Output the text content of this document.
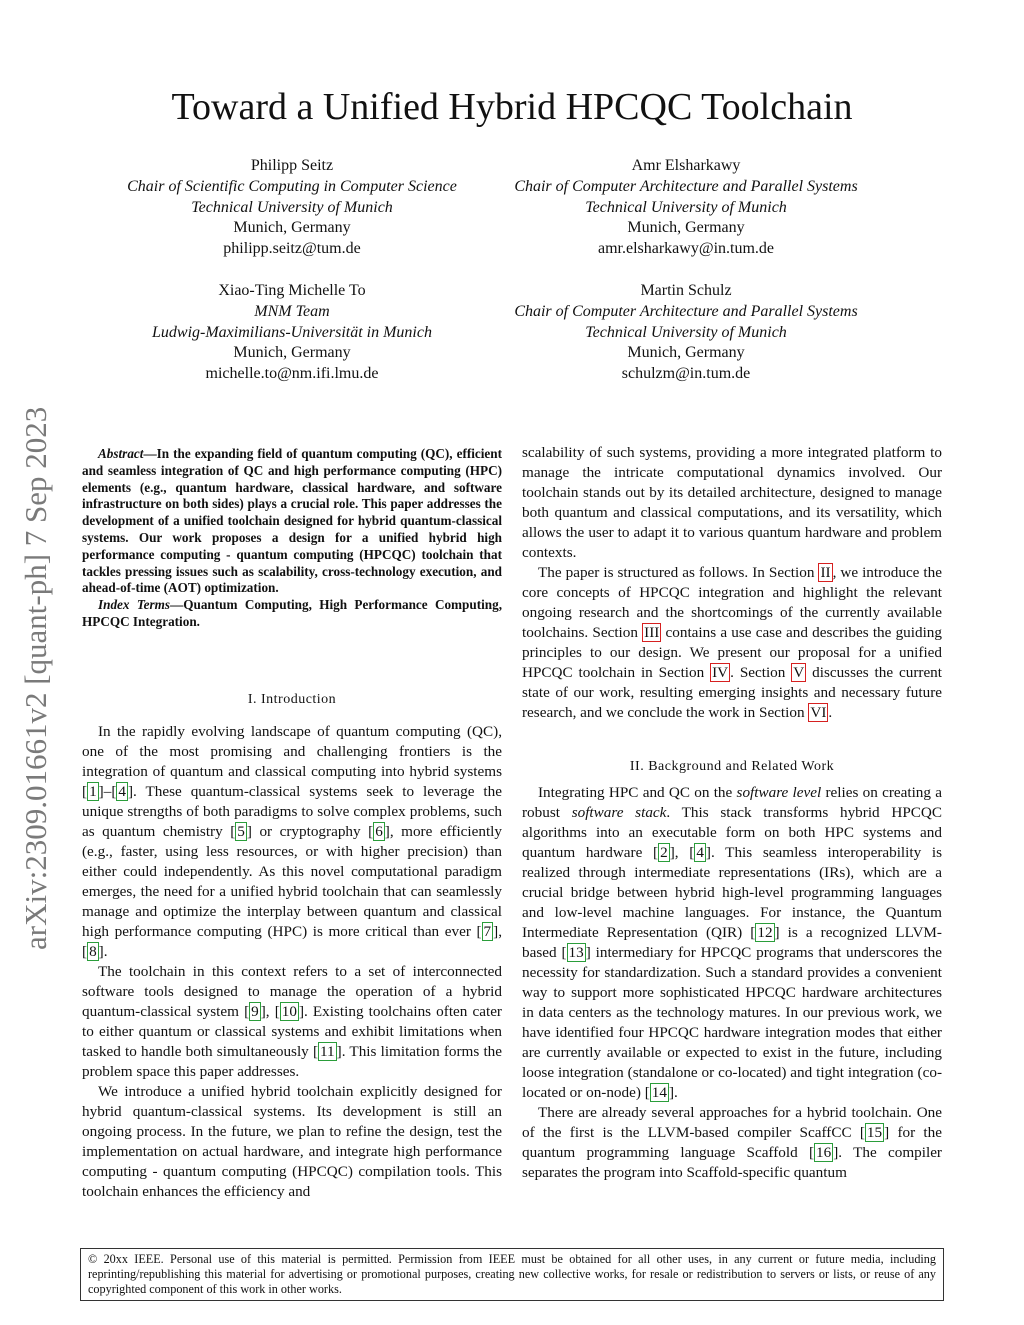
Toward a Unified Hybrid HPCQC Toolchain
arXiv:2309.01661v2 [quant-ph] 7 Sep 2023
Philipp Seitz
Chair of Scientific Computing in Computer Science
Technical University of Munich
Munich, Germany
philipp.seitz@tum.de
Amr Elsharkawy
Chair of Computer Architecture and Parallel Systems
Technical University of Munich
Munich, Germany
amr.elsharkawy@in.tum.de
Xiao-Ting Michelle To
MNM Team
Ludwig-Maximilians-Universität in Munich
Munich, Germany
michelle.to@nm.ifi.lmu.de
Martin Schulz
Chair of Computer Architecture and Parallel Systems
Technical University of Munich
Munich, Germany
schulzm@in.tum.de

Abstract—In the expanding field of quantum computing (QC), efficient and seamless integration of QC and high performance computing (HPC) elements (e.g., quantum hardware, classical hardware, and software infrastructure on both sides) plays a crucial role. This paper addresses the development of a unified toolchain designed for hybrid quantum-classical systems. Our work proposes a design for a unified hybrid high performance computing - quantum computing (HPCQC) toolchain that tackles pressing issues such as scalability, cross-technology execution, and ahead-of-time (AOT) optimization.

Index Terms—Quantum Computing, High Performance Computing, HPCQC Integration.

I. Introduction

In the rapidly evolving landscape of quantum computing (QC), one of the most promising and challenging frontiers is the integration of quantum and classical computing into hybrid systems [ 1 ]–[ 4 ]. These quantum-classical systems seek to leverage the unique strengths of both paradigms to solve complex problems, such as quantum chemistry [ 5 ] or cryptography [ 6 ], more efficiently (e.g., faster, using less resources, or with higher precision) than either could independently. As this novel computational paradigm emerges, the need for a unified hybrid toolchain that can seamlessly manage and optimize the interplay between quantum and classical high performance computing (HPC) is more critical than ever [ 7 ], [ 8 ].

The toolchain in this context refers to a set of interconnected software tools designed to manage the operation of a hybrid quantum-classical system [ 9 ], [ 10 ]. Existing toolchains often cater to either quantum or classical systems and exhibit limitations when tasked to handle both simultaneously [ 11 ]. This limitation forms the problem space this paper addresses.

We introduce a unified hybrid toolchain explicitly designed for hybrid quantum-classical systems. Its development is still an ongoing process. In the future, we plan to refine the design, test the implementation on actual hardware, and integrate high performance computing - quantum computing (HPCQC) compilation tools. This toolchain enhances the efficiency and

scalability of such systems, providing a more integrated platform to manage the intricate computational dynamics involved. Our toolchain stands out by its detailed architecture, designed to manage both quantum and classical computations, and its versatility, which allows the user to adapt it to various quantum hardware and problem contexts.

The paper is structured as follows. In Section II , we introduce the core concepts of HPCQC integration and highlight the relevant ongoing research and the shortcomings of the currently available toolchains. Section III contains a use case and describes the guiding principles to our design. We present our proposal for a unified HPCQC toolchain in Section IV . Section V discusses the current state of our work, resulting emerging insights and necessary future research, and we conclude the work in Section VI .

II. Background and Related Work

Integrating HPC and QC on the software level relies on creating a robust software stack. This stack transforms hybrid HPCQC algorithms into an executable form on both HPC systems and quantum hardware [ 2 ], [ 4 ]. This seamless interoperability is realized through intermediate representations (IRs), which are a crucial bridge between hybrid high-level programming languages and low-level machine languages. For instance, the Quantum Intermediate Representation (QIR) [ 12 ] is a recognized LLVM-based [ 13 ] intermediary for HPCQC programs that underscores the necessity for standardization. Such a standard provides a convenient way to support more sophisticated HPCQC hardware architectures in data centers as the technology matures. In our previous work, we have identified four HPCQC hardware integration modes that either are currently available or expected to exist in the future, including loose integration (standalone or co-located) and tight integration (co-located or on-node) [ 14 ].

There are already several approaches for a hybrid toolchain. One of the first is the LLVM-based compiler ScaffCC [ 15 ] for the quantum programming language Scaffold [ 16 ]. The compiler separates the program into Scaffold-specific quantum

© 20xx IEEE. Personal use of this material is permitted. Permission from IEEE must be obtained for all other uses, in any current or future media, including reprinting/republishing this material for advertising or promotional purposes, creating new collective works, for resale or redistribution to servers or lists, or reuse of any copyrighted component of this work in other works.
